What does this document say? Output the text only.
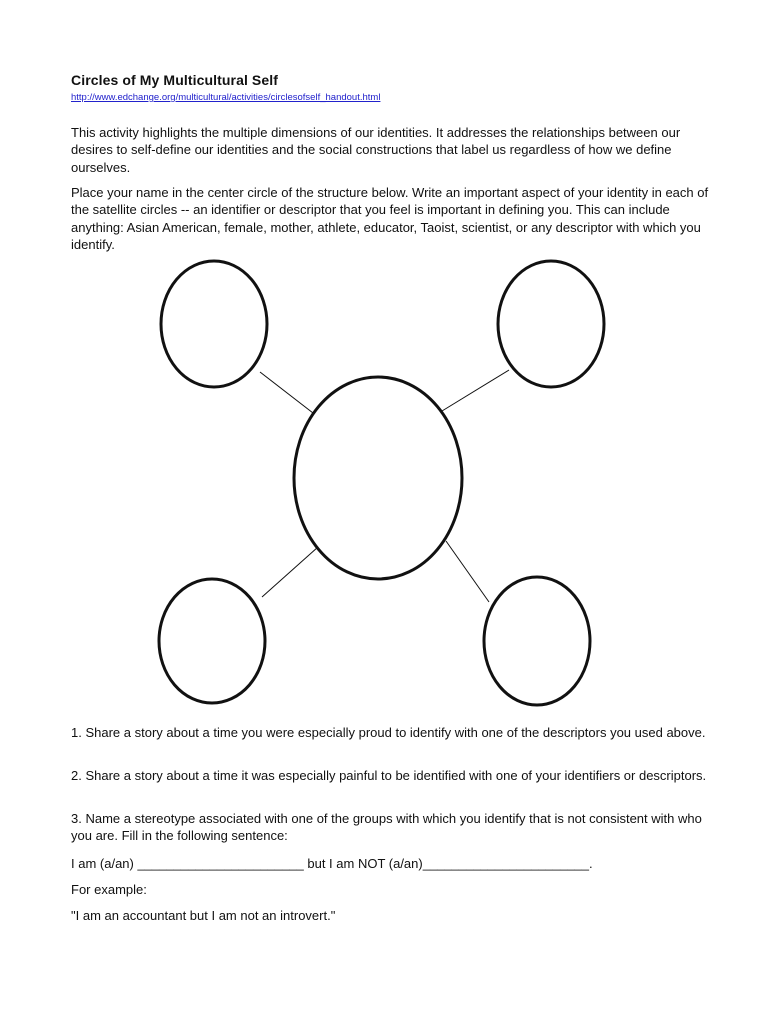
Circles of My Multicultural Self
http://www.edchange.org/multicultural/activities/circlesofself_handout.html
This activity highlights the multiple dimensions of our identities. It addresses the relationships between our desires to self-define our identities and the social constructions that label us regardless of how we define ourselves.
Place your name in the center circle of the structure below. Write an important aspect of your identity in each of the satellite circles -- an identifier or descriptor that you feel is important in defining you. This can include anything: Asian American, female, mother, athlete, educator, Taoist, scientist, or any descriptor with which you identify.
1. Share a story about a time you were especially proud to identify with one of the descriptors you used above.
2. Share a story about a time it was especially painful to be identified with one of your identifiers or descriptors.
3. Name a stereotype associated with one of the groups with which you identify that is not consistent with who you are. Fill in the following sentence:
I am (a/an) _______________________ but I am NOT (a/an)_______________________.
For example:
"I am an accountant but I am not an introvert."
